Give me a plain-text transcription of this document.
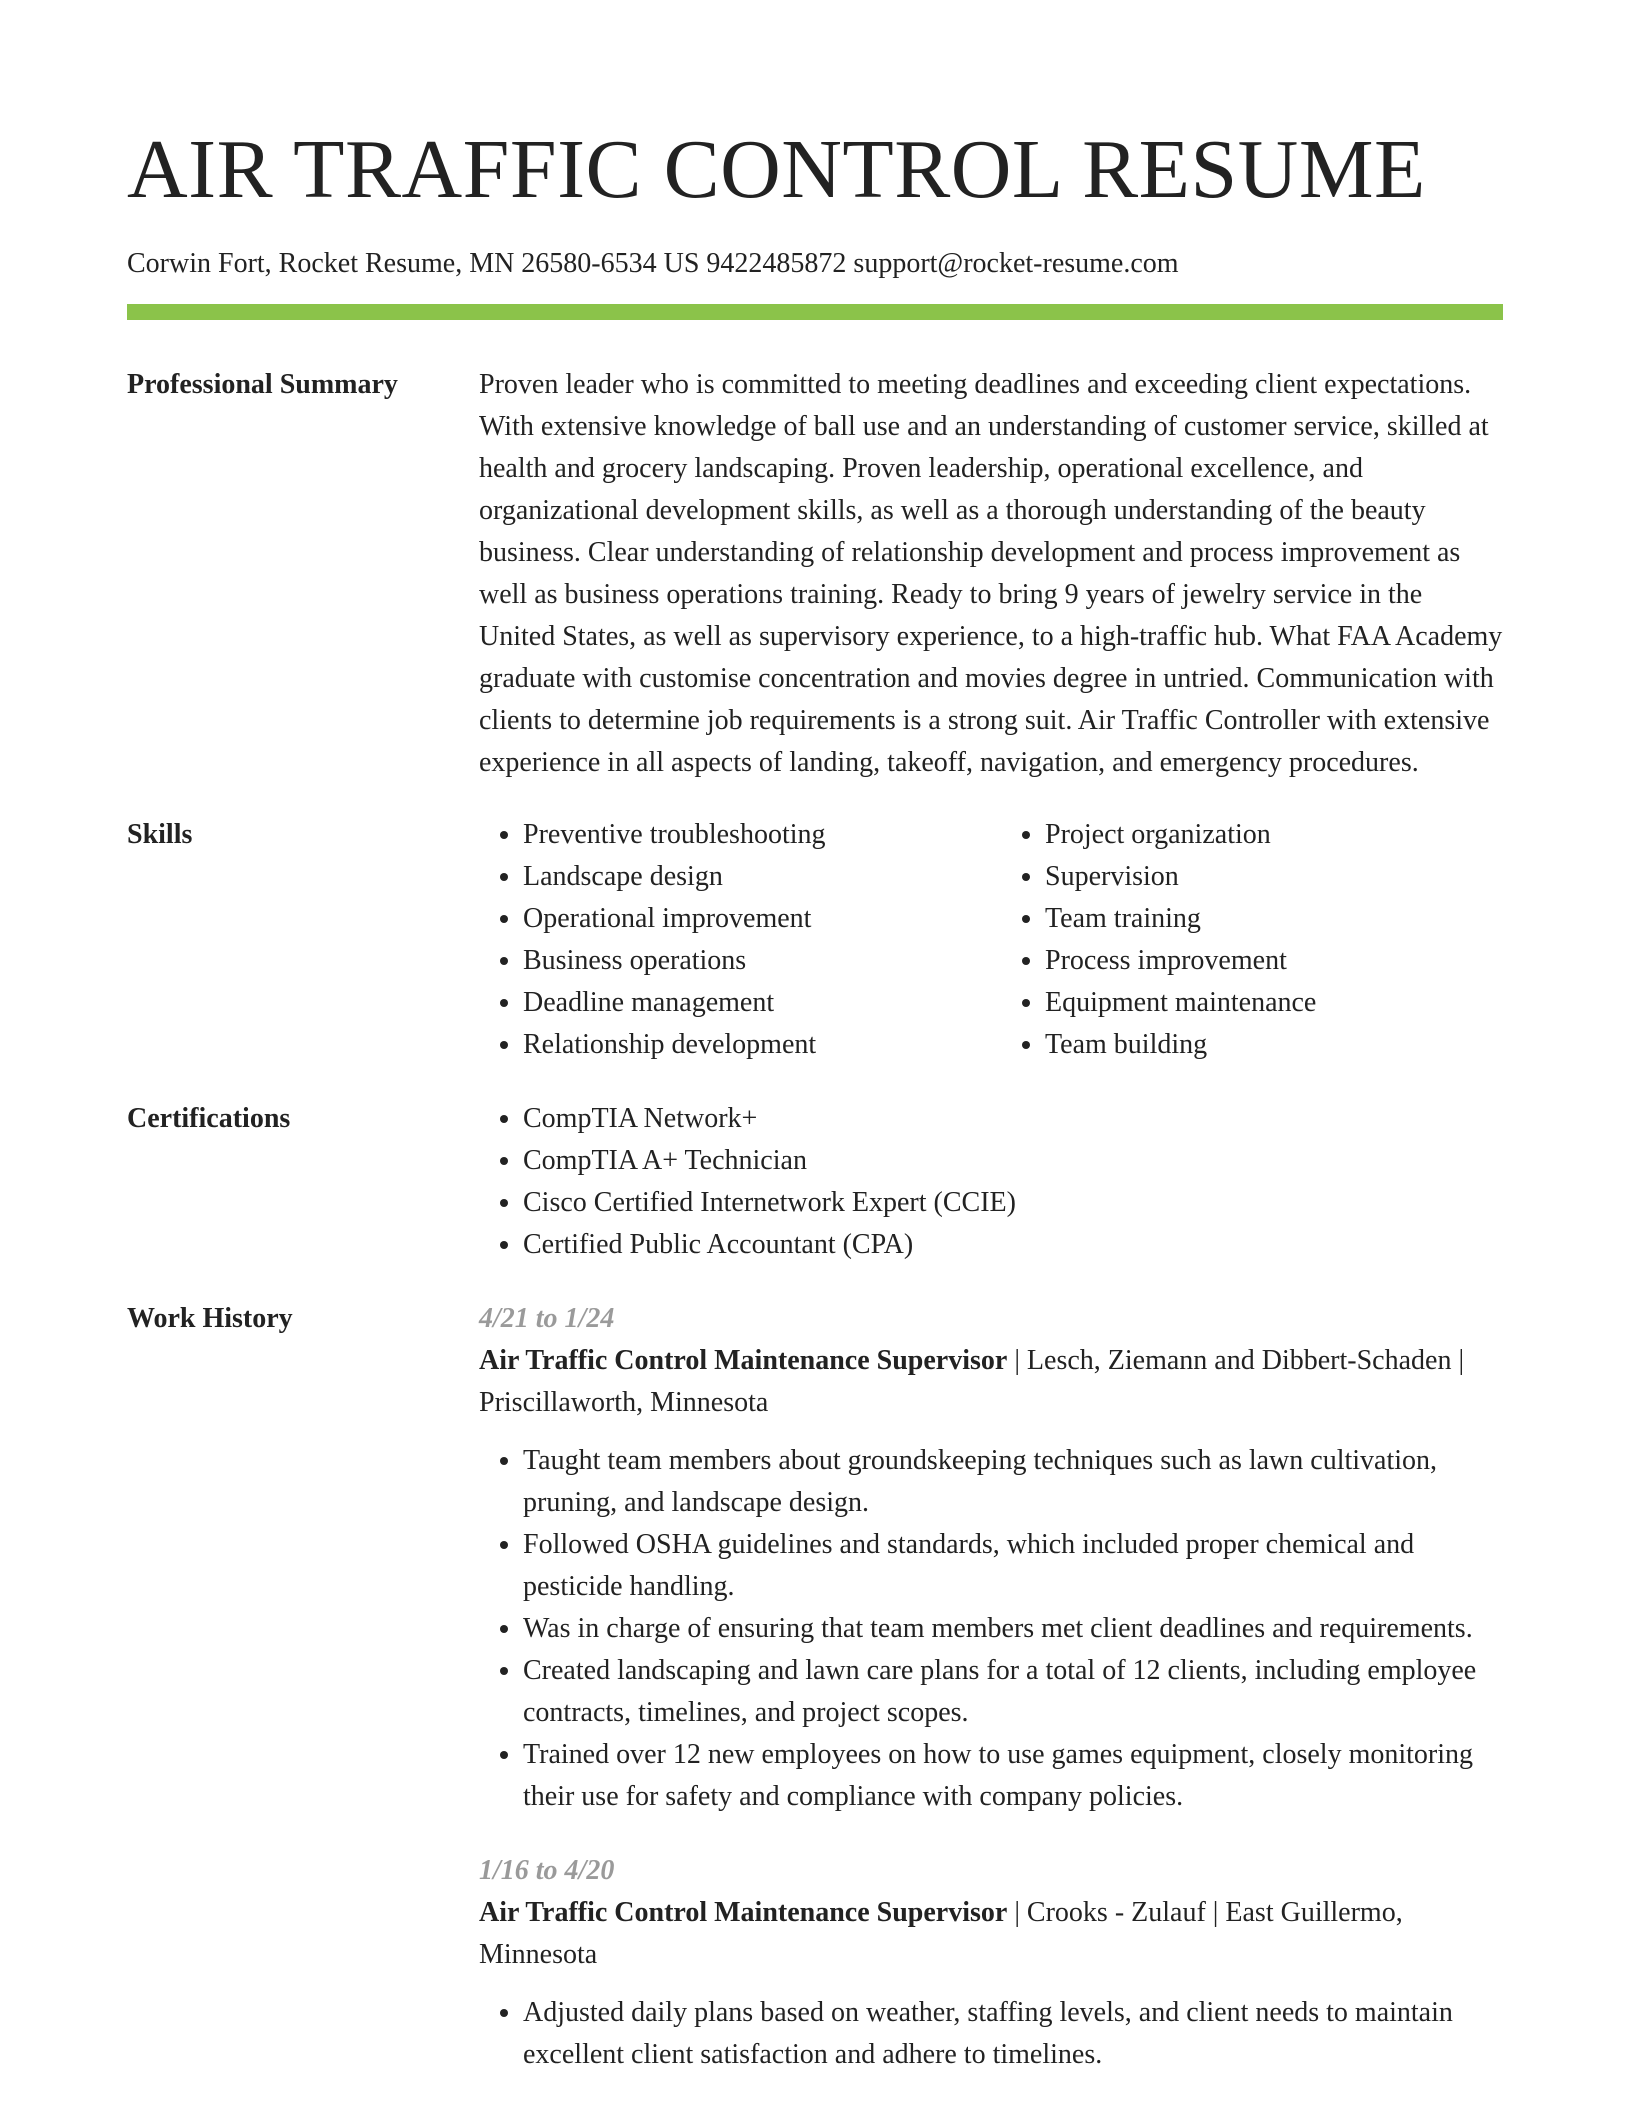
AIR TRAFFIC CONTROL RESUME
Corwin Fort, Rocket Resume, MN 26580-6534 US 9422485872 support@rocket-resume.com
Professional Summary	Proven leader who is committed to meeting deadlines and exceeding client expectations. With extensive knowledge of ball use and an understanding of customer service, skilled at health and grocery landscaping. Proven leadership, operational excellence, and organizational development skills, as well as a thorough understanding of the beauty business. Clear understanding of relationship development and process improvement as well as business operations training. Ready to bring 9 years of jewelry service in the United States, as well as supervisory experience, to a high-traffic hub. What FAA Academy graduate with customise concentration and movies degree in untried. Communication with clients to determine job requirements is a strong suit. Air Traffic Controller with extensive experience in all aspects of landing, takeoff, navigation, and emergency procedures.

Skills	• Preventive troubleshooting
• Landscape design
• Operational improvement
• Business operations
• Deadline management
• Relationship development
• Project organization
• Supervision
• Team training
• Process improvement
• Equipment maintenance
• Team building
Certifications	• CompTIA Network+
• CompTIA A+ Technician
• Cisco Certified Internetwork Expert (CCIE)
• Certified Public Accountant (CPA)
Work History	4/21 to 1/24
Air Traffic Control Maintenance Supervisor | Lesch, Ziemann and Dibbert-Schaden | Priscillaworth, Minnesota
• Taught team members about groundskeeping techniques such as lawn cultivation, pruning, and landscape design.
• Followed OSHA guidelines and standards, which included proper chemical and pesticide handling.
• Was in charge of ensuring that team members met client deadlines and requirements.
• Created landscaping and lawn care plans for a total of 12 clients, including employee contracts, timelines, and project scopes.
• Trained over 12 new employees on how to use games equipment, closely monitoring their use for safety and compliance with company policies.
1/16 to 4/20
Air Traffic Control Maintenance Supervisor | Crooks - Zulauf | East Guillermo, Minnesota
• Adjusted daily plans based on weather, staffing levels, and client needs to maintain excellent client satisfaction and adhere to timelines.
